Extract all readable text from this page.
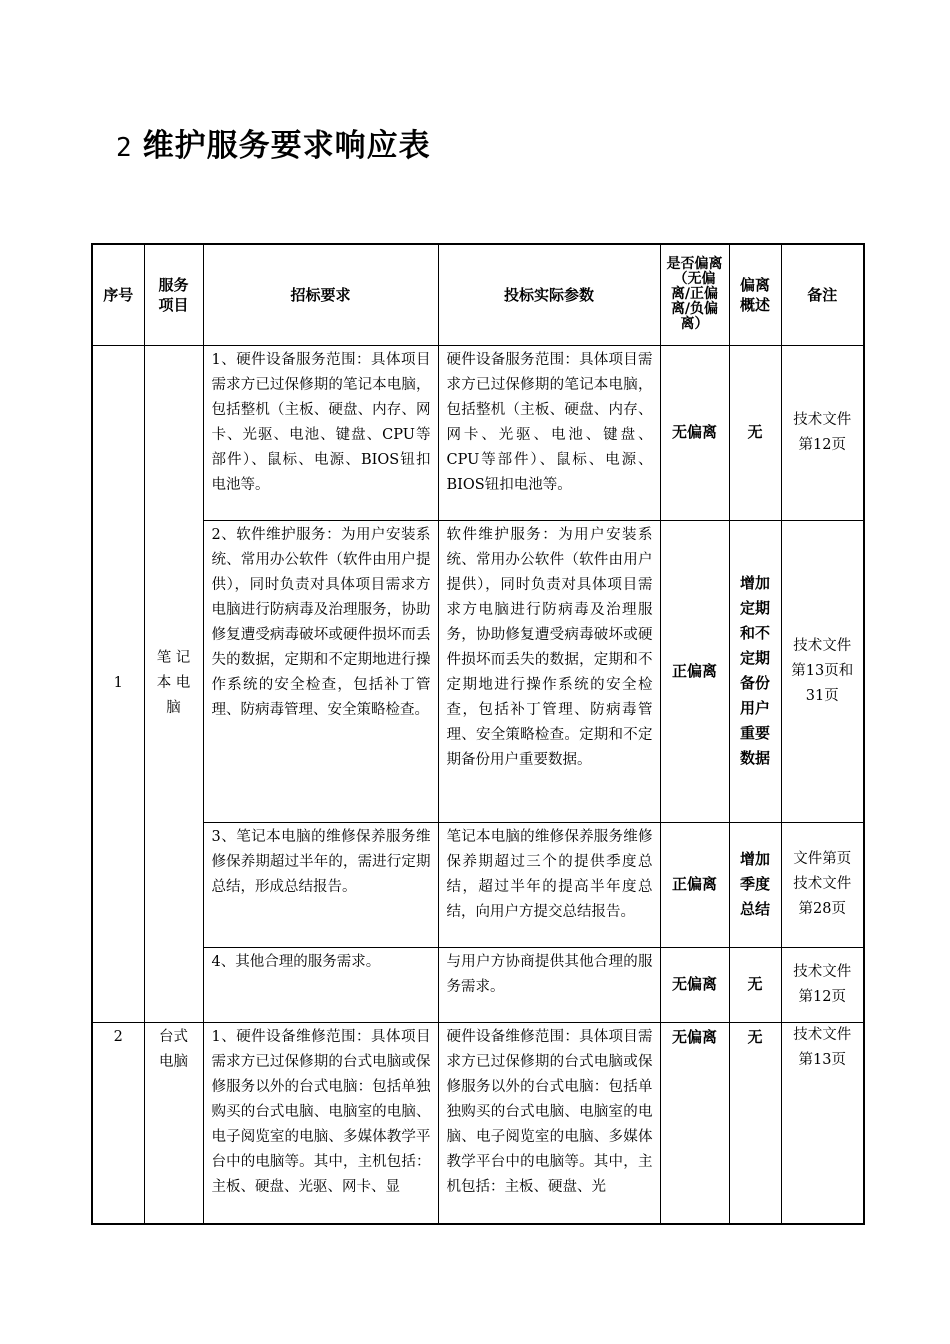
2 维护服务要求响应表
序号	服务项目	招标要求	投标实际参数	是否偏离（无偏离/正偏离/负偏离）	偏离概述	备注
1	笔 记 本 电 脑	1、硬件设备服务范围：具体项目需求方已过保修期的笔记本电脑，包括整机（主板、硬盘、内存、网卡、光驱、电池、键盘、CPU等部件）、鼠标、电源、BIOS钮扣电池等。	硬件设备服务范围：具体项目需求方已过保修期的笔记本电脑，包括整机（主板、硬盘、内存、网卡、光驱、电池、键盘、CPU等部件）、鼠标、电源、BIOS钮扣电池等。	无偏离	无	技术文件第12页
		2、软件维护服务：为用户安装系统、常用办公软件（软件由用户提供），同时负责对具体项目需求方电脑进行防病毒及治理服务，协助修复遭受病毒破坏或硬件损坏而丢失的数据，定期和不定期地进行操作系统的安全检查，包括补丁管理、防病毒管理、安全策略检查。	软件维护服务：为用户安装系统、常用办公软件（软件由用户提供），同时负责对具体项目需求方电脑进行防病毒及治理服务，协助修复遭受病毒破坏或硬件损坏而丢失的数据，定期和不定期地进行操作系统的安全检查，包括补丁管理、防病毒管理、安全策略检查。定期和不定期备份用户重要数据。	正偏离	增加定期和不定期备份用户重要数据	技术文件第13页和31页
		3、笔记本电脑的维修保养服务维修保养期超过半年的，需进行定期总结，形成总结报告。	笔记本电脑的维修保养服务维修保养期超过三个的提供季度总结，超过半年的提高半年度总结，向用户方提交总结报告。	正偏离	增加季度总结	文件第页技术文件第28页
		4、其他合理的服务需求。	与用户方协商提供其他合理的服务需求。	无偏离	无	技术文件第12页
2	台式电脑	1、硬件设备维修范围：具体项目需求方已过保修期的台式电脑或保修服务以外的台式电脑：包括单独购买的台式电脑、电脑室的电脑、电子阅览室的电脑、多媒体教学平台中的电脑等。其中，主机包括：主板、硬盘、光驱、网卡、显	硬件设备维修范围：具体项目需求方已过保修期的台式电脑或保修服务以外的台式电脑：包括单独购买的台式电脑、电脑室的电脑、电子阅览室的电脑、多媒体教学平台中的电脑等。其中，主机包括：主板、硬盘、光	无偏离	无	技术文件第13页
